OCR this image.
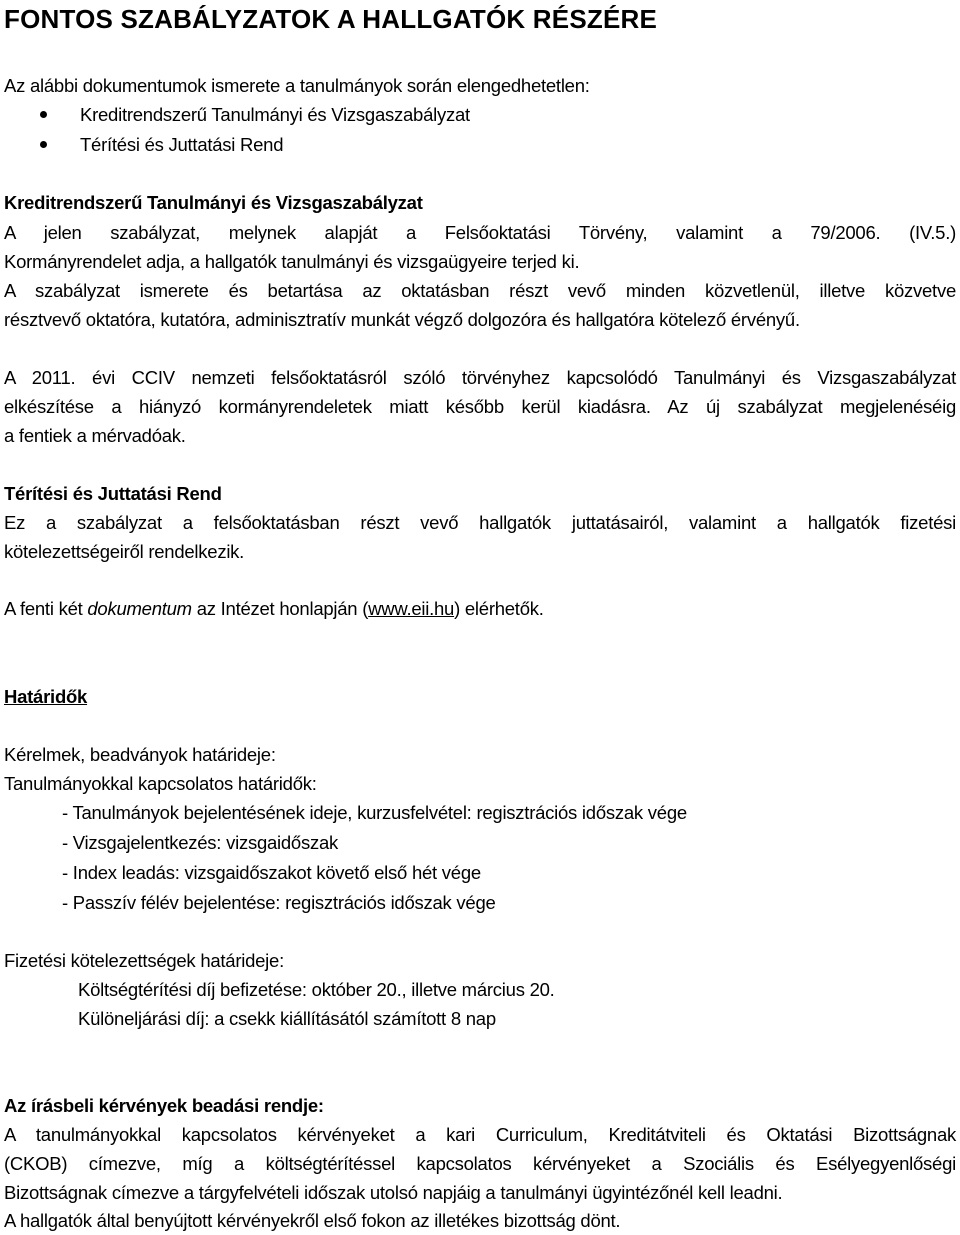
FONTOS SZABÁLYZATOK A HALLGATÓK RÉSZÉRE

Az alábbi dokumentumok ismerete a tanulmányok során elengedhetetlen:

Kreditrendszerű Tanulmányi és Vizsgaszabályzat
Térítési és Juttatási Rend

Kreditrendszerű Tanulmányi és Vizsgaszabályzat

A jelen szabályzat, melynek alapját a Felsőoktatási Törvény, valamint a 79/2006. (IV.5.)

Kormányrendelet adja, a hallgatók tanulmányi és vizsgaügyeire terjed ki.

A szabályzat ismerete és betartása az oktatásban részt vevő minden közvetlenül, illetve közvetve

résztvevő oktatóra, kutatóra, adminisztratív munkát végző dolgozóra és hallgatóra kötelező érvényű.

A 2011. évi CCIV nemzeti felsőoktatásról szóló törvényhez kapcsolódó Tanulmányi és Vizsgaszabályzat

elkészítése a hiányzó kormányrendeletek miatt később kerül kiadásra. Az új szabályzat megjelenéséig

a fentiek a mérvadóak.

Térítési és Juttatási Rend

Ez a szabályzat a felsőoktatásban részt vevő hallgatók juttatásairól, valamint a hallgatók fizetési

kötelezettségeiről rendelkezik.

A fenti két dokumentum az Intézet honlapján (www.eii.hu) elérhetők.

Határidők

Kérelmek, beadványok határideje:

Tanulmányokkal kapcsolatos határidők:

- Tanulmányok bejelentésének ideje, kurzusfelvétel: regisztrációs időszak vége
- Vizsgajelentkezés: vizsgaidőszak
- Index leadás: vizsgaidőszakot követő első hét vége
- Passzív félév bejelentése: regisztrációs időszak vége

Fizetési kötelezettségek határideje:

Költségtérítési díj befizetése: október 20., illetve március 20.
Különeljárási díj: a csekk kiállításától számított 8 nap

Az írásbeli kérvények beadási rendje:

A tanulmányokkal kapcsolatos kérvényeket a kari Curriculum, Kreditátviteli és Oktatási Bizottságnak

(CKOB) címezve, míg a költségtérítéssel kapcsolatos kérvényeket a Szociális és Esélyegyenlőségi

Bizottságnak címezve a tárgyfelvételi időszak utolsó napjáig a tanulmányi ügyintézőnél kell leadni.

A hallgatók által benyújtott kérvényekről első fokon az illetékes bizottság dönt.
